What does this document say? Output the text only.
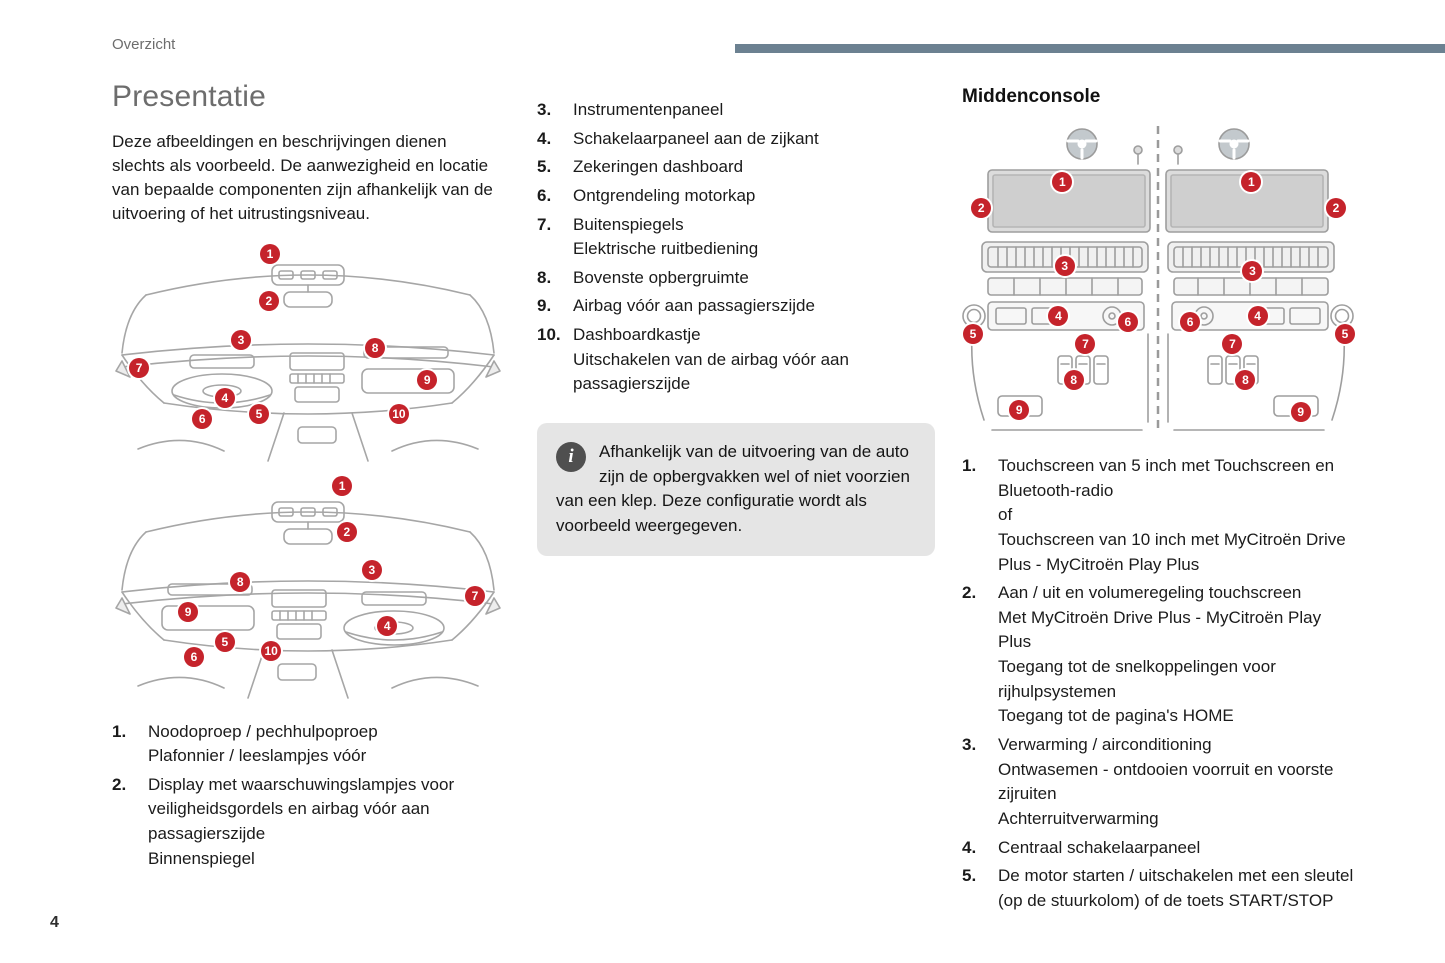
Overzicht
Presentatie

Deze afbeeldingen en beschrijvingen dienen slechts als voorbeeld. De aanwezigheid en locatie van bepaalde componenten zijn afhankelijk van de uitvoering of het uitrustingsniveau.

1
2
3
7
4
6	5
8
9
10
1
2
3
8
9
4
7
5
10
6
1.	Noodoproep / pechhulpoproep
Plafonnier / leeslampjes vóór
2.	Display met waarschuwingslampjes voor veiligheidsgordels en airbag vóór aan passagierszijde
Binnenspiegel
3.	Instrumentenpaneel
4.	Schakelaarpaneel aan de zijkant
5.	Zekeringen dashboard
6.	Ontgrendeling motorkap
7.	Buitenspiegels
Elektrische ruitbediening
8.	Bovenste opbergruimte
9.	Airbag vóór aan passagierszijde
10. Dashboardkastje
Uitschakelen van de airbag vóór aan passagierszijde
i	Afhankelijk van de uitvoering van de auto zijn de opbergvakken wel of niet voorzien van een klep. Deze configuratie wordt als voorbeeld weergegeven.
Middenconsole
1
2
3
4	6
5
7
8
9
1
2
3
6	4
5
7
8
9
1.	Touchscreen van 5 inch met Touchscreen en Bluetooth-radio
of
Touchscreen van 10 inch met MyCitroën Drive Plus - MyCitroën Play Plus
2.	Aan / uit en volumeregeling touchscreen
Met MyCitroën Drive Plus - MyCitroën Play Plus
Toegang tot de snelkoppelingen voor rijhulpsystemen
Toegang tot de pagina's HOME
3.	Verwarming / airconditioning
Ontwasemen - ontdooien voorruit en voorste zijruiten
Achterruitverwarming
4.	Centraal schakelaarpaneel
5.	De motor starten / uitschakelen met een sleutel (op de stuurkolom) of de toets START/STOP
4
